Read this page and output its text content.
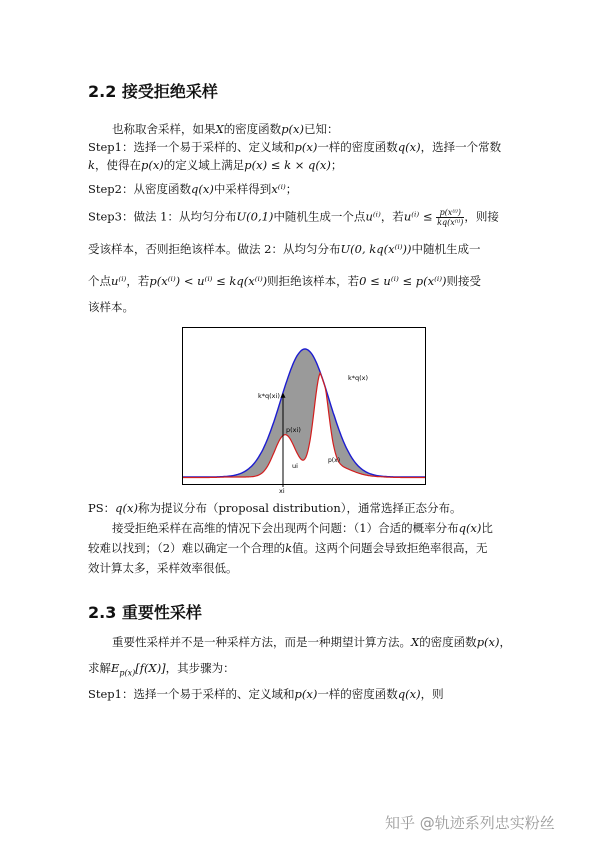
2.2 接受拒绝采样
也称取舍采样，如果X的密度函数p(x)已知：
Step1：选择一个易于采样的、定义域和p(x)一样的密度函数q(x)，选择一个常数
k，使得在p(x)的定义域上满足p(x) ≤ k × q(x)；
Step2：从密度函数q(x)中采样得到x⁽ⁱ⁾；
Step3：做法 1：从均匀分布U(0,1)中随机生成一个点u⁽ⁱ⁾，若$u^{(i)} \le \frac{\text{p(x⁽ⁱ⁾)}}{\text{kq(x⁽ⁱ⁾)}}$ ，则接
受该样本，否则拒绝该样本。做法 2：从均匀分布U(0, kq(x⁽ⁱ⁾))中随机生成一
个点u⁽ⁱ⁾，若p(x⁽ⁱ⁾) < u⁽ⁱ⁾ ≤ kq(x⁽ⁱ⁾)则拒绝该样本，若0 ≤ u⁽ⁱ⁾ ≤ p(x⁽ⁱ⁾)则接受
该样本。
k*q(xi)
k*q(x)
p(xi)
ui
p(x)
xi
PS：q(x)称为提议分布（proposal distribution），通常选择正态分布。
接受拒绝采样在高维的情况下会出现两个问题：（1）合适的概率分布q(x)比
较难以找到；（2）难以确定一个合理的k值。这两个问题会导致拒绝率很高，无
效计算太多，采样效率很低。
2.3 重要性采样
重要性采样并不是一种采样方法，而是一种期望计算方法。X的密度函数p(x)，
求解$E_{p(x)}[f(X)]$，其步骤为：
Step1：选择一个易于采样的、定义域和p(x)一样的密度函数q(x)，则
知乎 @轨迹系列忠实粉丝
